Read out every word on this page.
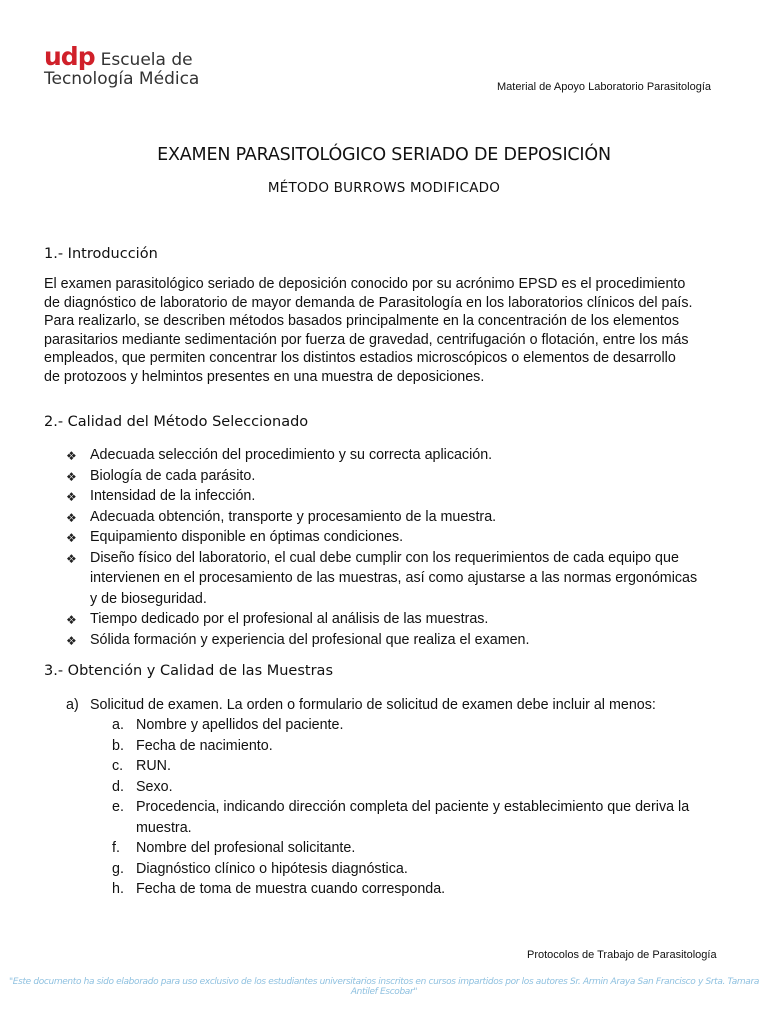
udp Escuela de
Tecnología Médica	Material de Apoyo Laboratorio Parasitología
EXAMEN PARASITOLÓGICO SERIADO DE DEPOSICIÓN
MÉTODO BURROWS MODIFICADO
1.- Introducción
El examen parasitológico seriado de deposición conocido por su acrónimo EPSD es el procedimiento
de diagnóstico de laboratorio de mayor demanda de Parasitología en los laboratorios clínicos del país.
Para realizarlo, se describen métodos basados principalmente en la concentración de los elementos
parasitarios mediante sedimentación por fuerza de gravedad, centrifugación o flotación, entre los más
empleados, que permiten concentrar los distintos estadios microscópicos o elementos de desarrollo
de protozoos y helmintos presentes en una muestra de deposiciones.
2.- Calidad del Método Seleccionado
❖ Adecuada selección del procedimiento y su correcta aplicación.
❖ Biología de cada parásito.
❖ Intensidad de la infección.
❖ Adecuada obtención, transporte y procesamiento de la muestra.
❖ Equipamiento disponible en óptimas condiciones.
❖ Diseño físico del laboratorio, el cual debe cumplir con los requerimientos de cada equipo que
intervienen en el procesamiento de las muestras, así como ajustarse a las normas ergonómicas
y de bioseguridad.
❖ Tiempo dedicado por el profesional al análisis de las muestras.
❖ Sólida formación y experiencia del profesional que realiza el examen.
3.- Obtención y Calidad de las Muestras
a) Solicitud de examen. La orden o formulario de solicitud de examen debe incluir al menos:
a. Nombre y apellidos del paciente.
b. Fecha de nacimiento.
c. RUN.
d. Sexo.
e. Procedencia, indicando dirección completa del paciente y establecimiento que deriva la
muestra.
f. Nombre del profesional solicitante.
g. Diagnóstico clínico o hipótesis diagnóstica.
h. Fecha de toma de muestra cuando corresponda.
Protocolos de Trabajo de Parasitología
"Este documento ha sido elaborado para uso exclusivo de los estudiantes universitarios inscritos en cursos impartidos por los autores Sr. Armin Araya San Francisco y Srta. Tamara Antilef Escobar"
